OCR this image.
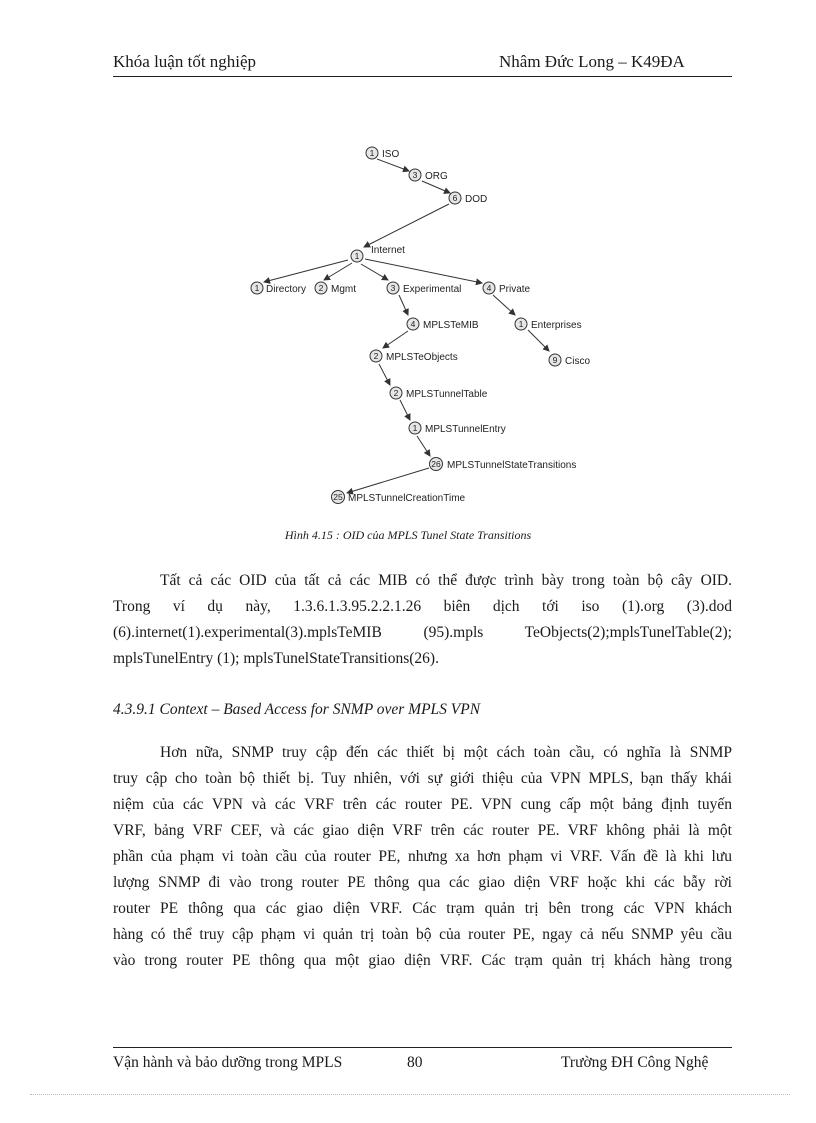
Khóa luận tốt nghiệp	Nhâm Đức Long – K49ĐA
1 ISO
3 ORG
6 DOD
1 Internet
1 Directory 2 Mgmt	3 Experimental	4 Private
4 MPLSTeMIB	1 Enterprises
2 MPLSTeObjects	9 Cisco
2 MPLSTunnelTable
1 MPLSTunnelEntry
26 MPLSTunnelStateTransitions
25 MPLSTunnelCreationTime
Hình 4.15 : OID của MPLS Tunel State Transitions
Tất cả các OID của tất cả các MIB có thể được trình bày trong toàn bộ cây OID.
Trong ví dụ này, 1.3.6.1.3.95.2.2.1.26 biên dịch tới iso (1).org (3).dod
(6).internet(1).experimental(3).mplsTeMIB (95).mpls TeObjects(2);mplsTunelTable(2);
mplsTunelEntry (1); mplsTunelStateTransitions(26).
4.3.9.1 Context – Based Access for SNMP over MPLS VPN
Hơn nữa, SNMP truy cập đến các thiết bị một cách toàn cầu, có nghĩa là SNMP
truy cập cho toàn bộ thiết bị. Tuy nhiên, với sự giới thiệu của VPN MPLS, bạn thấy khái
niệm của các VPN và các VRF trên các router PE. VPN cung cấp một bảng định tuyến
VRF, bảng VRF CEF, và các giao diện VRF trên các router PE. VRF không phải là một
phần của phạm vi toàn cầu của router PE, nhưng xa hơn phạm vi VRF. Vấn đề là khi lưu
lượng SNMP đi vào trong router PE thông qua các giao diện VRF hoặc khi các bẫy rời
router PE thông qua các giao diện VRF. Các trạm quản trị bên trong các VPN khách
hàng có thể truy cập phạm vi quản trị toàn bộ của router PE, ngay cả nếu SNMP yêu cầu
vào trong router PE thông qua một giao diện VRF. Các trạm quản trị khách hàng trong
Vận hành và bảo dưỡng trong MPLS	80	Trường ĐH Công Nghệ
